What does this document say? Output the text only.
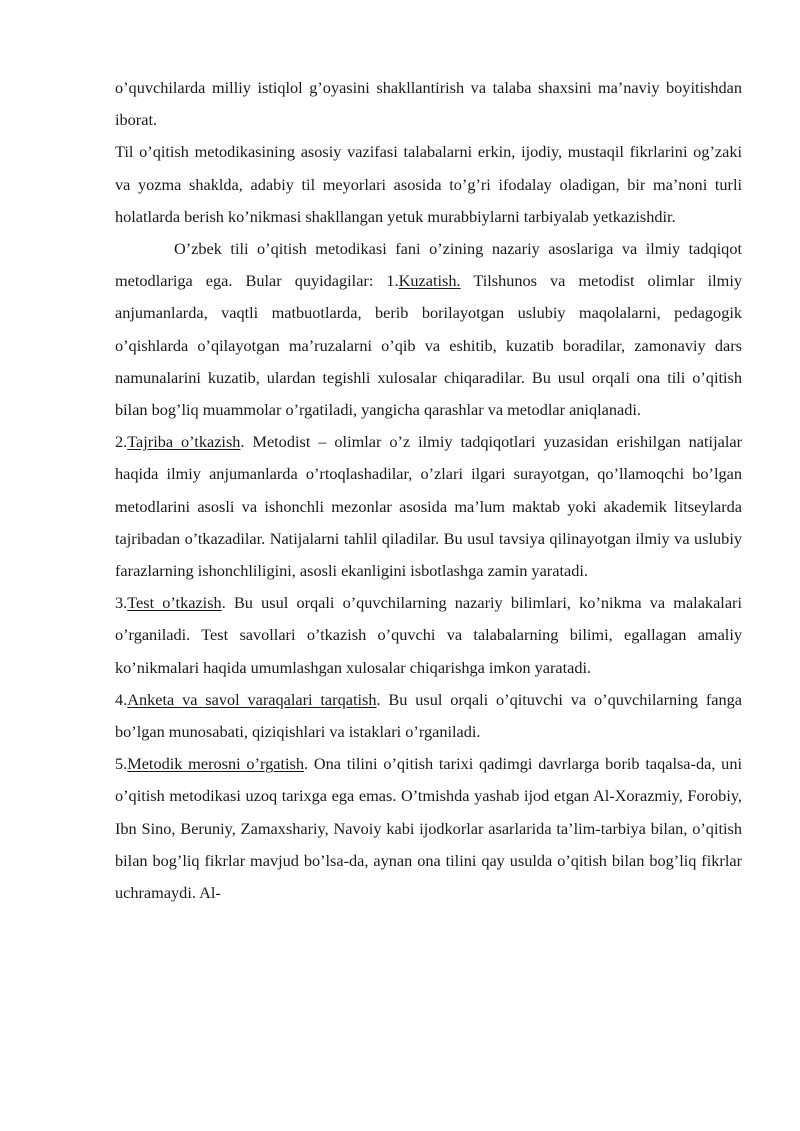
o’quvchilarda milliy istiqlol g’oyasini shakllantirish va talaba shaxsini ma’naviy boyitishdan iborat.

Til o’qitish metodikasining asosiy vazifasi talabalarni erkin, ijodiy, mustaqil fikrlarini og’zaki va yozma shaklda, adabiy til meyorlari asosida to’g’ri ifodalay oladigan, bir ma’noni turli holatlarda berish ko’nikmasi shakllangan yetuk murabbiylarni tarbiyalab yetkazishdir.

O’zbek tili o’qitish metodikasi fani o’zining nazariy asoslariga va ilmiy tadqiqot metodlariga ega. Bular quyidagilar: 1.Kuzatish. Tilshunos va metodist olimlar ilmiy anjumanlarda, vaqtli matbuotlarda, berib borilayotgan uslubiy maqolalarni, pedagogik o’qishlarda o’qilayotgan ma’ruzalarni o’qib va eshitib, kuzatib boradilar, zamonaviy dars namunalarini kuzatib, ulardan tegishli xulosalar chiqaradilar. Bu usul orqali ona tili o’qitish bilan bog’liq muammolar o’rgatiladi, yangicha qarashlar va metodlar aniqlanadi.

2.Tajriba o’tkazish. Metodist – olimlar o’z ilmiy tadqiqotlari yuzasidan erishilgan natijalar haqida ilmiy anjumanlarda o’rtoqlashadilar, o’zlari ilgari surayotgan, qo’llamoqchi bo’lgan metodlarini asosli va ishonchli mezonlar asosida ma’lum maktab yoki akademik litseylarda tajribadan o’tkazadilar. Natijalarni tahlil qiladilar. Bu usul tavsiya qilinayotgan ilmiy va uslubiy farazlarning ishonchliligini, asosli ekanligini isbotlashga zamin yaratadi.

3.Test o’tkazish. Bu usul orqali o’quvchilarning nazariy bilimlari, ko’nikma va malakalari o’rganiladi. Test savollari o’tkazish o’quvchi va talabalarning bilimi, egallagan amaliy ko’nikmalari haqida umumlashgan xulosalar chiqarishga imkon yaratadi.

4.Anketa va savol varaqalari tarqatish. Bu usul orqali o’qituvchi va o’quvchilarning fanga bo’lgan munosabati, qiziqishlari va istaklari o’rganiladi.

5.Metodik merosni o’rgatish. Ona tilini o’qitish tarixi qadimgi davrlarga borib taqalsa-da, uni o’qitish metodikasi uzoq tarixga ega emas. O’tmishda yashab ijod etgan Al-Xorazmiy, Forobiy, Ibn Sino, Beruniy, Zamaxshariy, Navoiy kabi ijodkorlar asarlarida ta’lim-tarbiya bilan, o’qitish bilan bog’liq fikrlar mavjud bo’lsa-da, aynan ona tilini qay usulda o’qitish bilan bog’liq fikrlar uchramaydi. Al-
